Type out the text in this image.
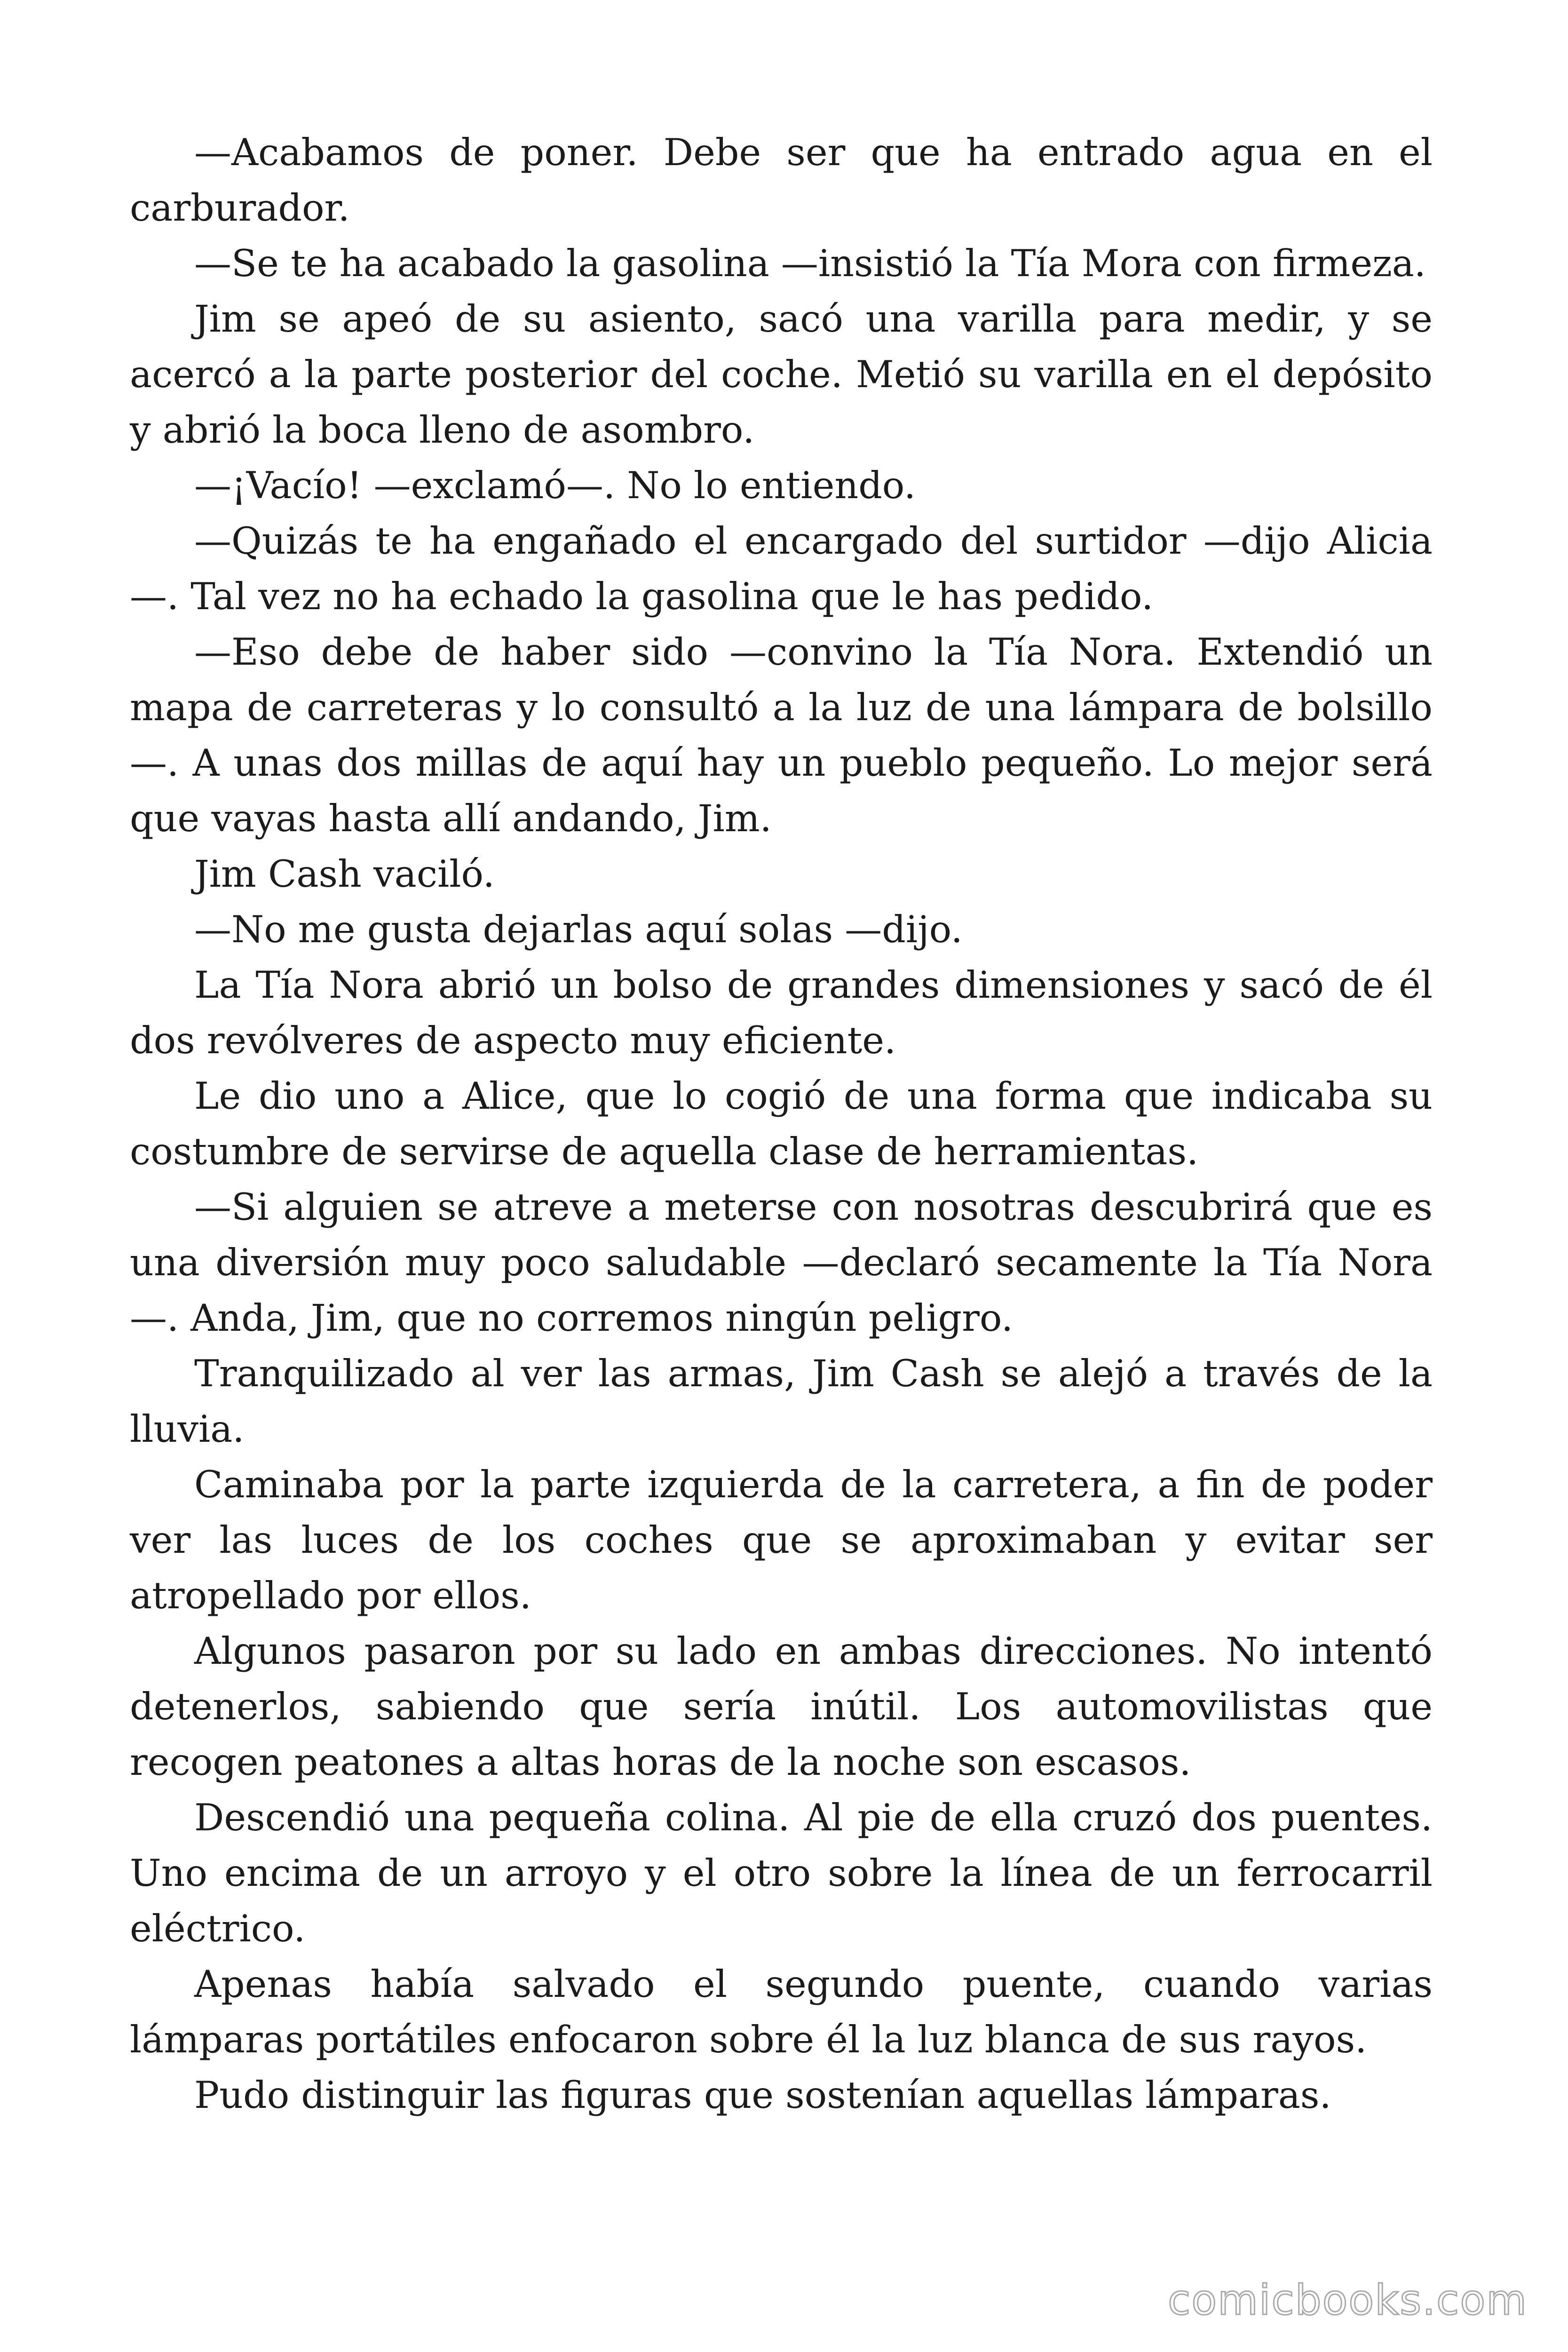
—Acabamos de poner. Debe ser que ha entrado agua en el carburador.

—Se te ha acabado la gasolina —insistió la Tía Mora con firmeza.

Jim se apeó de su asiento, sacó una varilla para medir, y se acercó a la parte posterior del coche. Metió su varilla en el depósito y abrió la boca lleno de asombro.

—¡Vacío! —exclamó—. No lo entiendo.

—Quizás te ha engañado el encargado del surtidor —dijo Alicia —. Tal vez no ha echado la gasolina que le has pedido.

—Eso debe de haber sido —convino la Tía Nora. Extendió un mapa de carreteras y lo consultó a la luz de una lámpara de bolsillo —. A unas dos millas de aquí hay un pueblo pequeño. Lo mejor será que vayas hasta allí andando, Jim.

Jim Cash vaciló.

—No me gusta dejarlas aquí solas —dijo.

La Tía Nora abrió un bolso de grandes dimensiones y sacó de él dos revólveres de aspecto muy eficiente.

Le dio uno a Alice, que lo cogió de una forma que indicaba su costumbre de servirse de aquella clase de herramientas.

—Si alguien se atreve a meterse con nosotras descubrirá que es una diversión muy poco saludable —declaró secamente la Tía Nora —. Anda, Jim, que no corremos ningún peligro.

Tranquilizado al ver las armas, Jim Cash se alejó a través de la lluvia.

Caminaba por la parte izquierda de la carretera, a fin de poder ver las luces de los coches que se aproximaban y evitar ser atropellado por ellos.

Algunos pasaron por su lado en ambas direcciones. No intentó detenerlos, sabiendo que sería inútil. Los automovilistas que recogen peatones a altas horas de la noche son escasos.

Descendió una pequeña colina. Al pie de ella cruzó dos puentes. Uno encima de un arroyo y el otro sobre la línea de un ferrocarril eléctrico.

Apenas había salvado el segundo puente, cuando varias lámparas portátiles enfocaron sobre él la luz blanca de sus rayos.

Pudo distinguir las figuras que sostenían aquellas lámparas.

comicbooks.com
